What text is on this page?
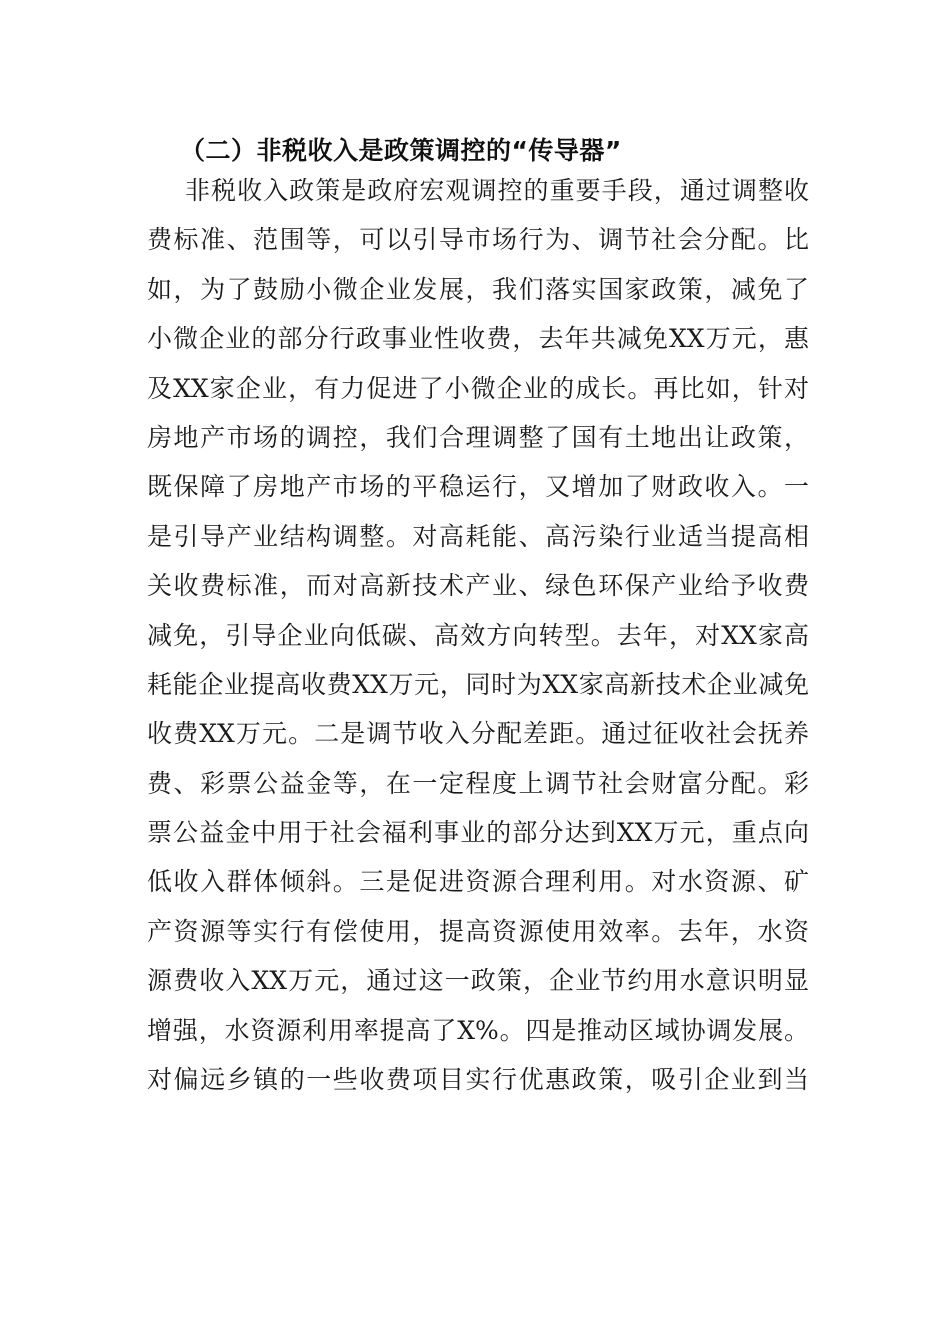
（二）非税收入是政策调控的“传导器”
非税收入政策是政府宏观调控的重要手段，通过调整收
费标准、范围等，可以引导市场行为、调节社会分配。比
如，为了鼓励小微企业发展，我们落实国家政策，减免了
小微企业的部分行政事业性收费，去年共减免XX万元，惠
及XX家企业，有力促进了小微企业的成长。再比如，针对
房地产市场的调控，我们合理调整了国有土地出让政策，
既保障了房地产市场的平稳运行，又增加了财政收入。一
是引导产业结构调整。对高耗能、高污染行业适当提高相
关收费标准，而对高新技术产业、绿色环保产业给予收费
减免，引导企业向低碳、高效方向转型。去年，对XX家高
耗能企业提高收费XX万元，同时为XX家高新技术企业减免
收费XX万元。二是调节收入分配差距。通过征收社会抚养
费、彩票公益金等，在一定程度上调节社会财富分配。彩
票公益金中用于社会福利事业的部分达到XX万元，重点向
低收入群体倾斜。三是促进资源合理利用。对水资源、矿
产资源等实行有偿使用，提高资源使用效率。去年，水资
源费收入XX万元，通过这一政策，企业节约用水意识明显
增强，水资源利用率提高了X%。四是推动区域协调发展。
对偏远乡镇的一些收费项目实行优惠政策，吸引企业到当
